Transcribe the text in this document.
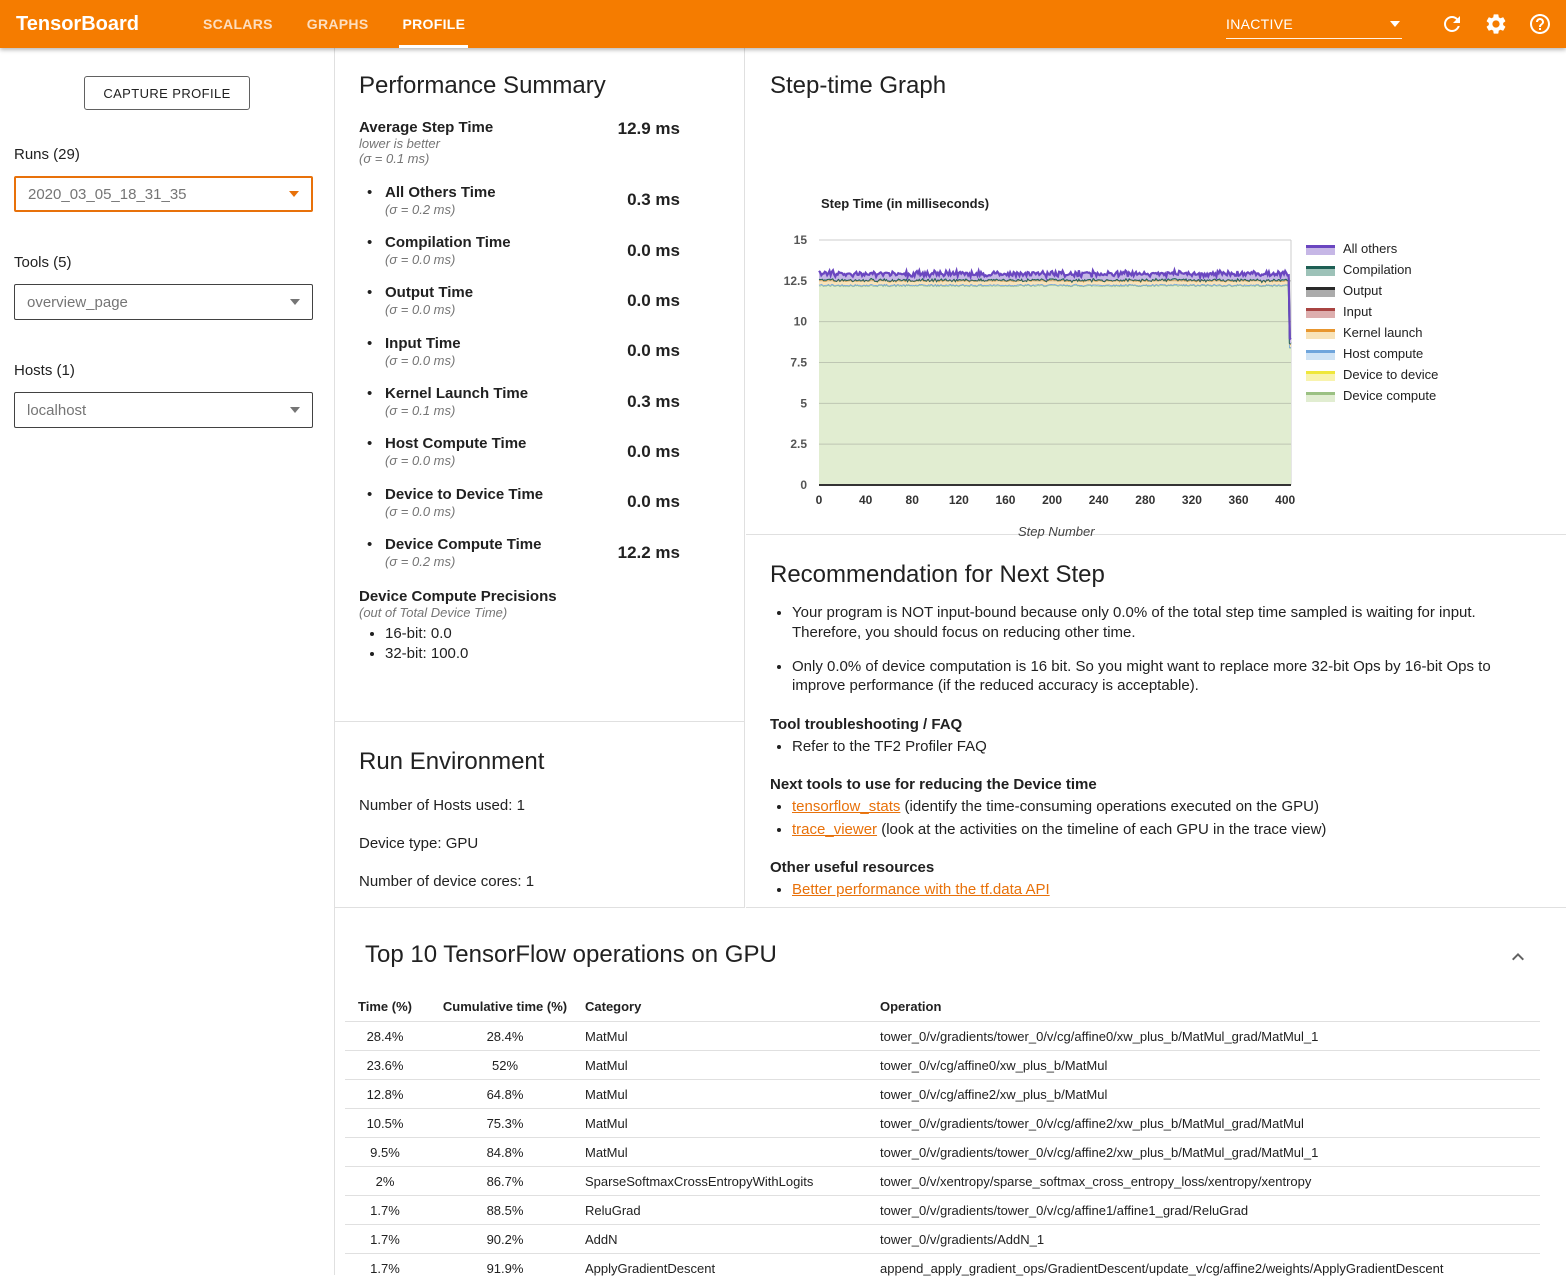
TensorBoard	SCALARS	GRAPHS	PROFILE	INACTIVE
CAPTURE PROFILE
Runs (29)
2020_03_05_18_31_35
Tools (5)
overview_page
Hosts (1)
localhost
Performance Summary
Average Step Time
lower is better
(σ = 0.1 ms)
12.9 ms
• All Others Time
(σ = 0.2 ms)	0.3 ms
• Compilation Time
(σ = 0.0 ms)	0.0 ms
• Output Time
(σ = 0.0 ms)	0.0 ms
• Input Time
(σ = 0.0 ms)	0.0 ms
• Kernel Launch Time
(σ = 0.1 ms)	0.3 ms
• Host Compute Time
(σ = 0.0 ms)	0.0 ms
• Device to Device Time
(σ = 0.0 ms)	0.0 ms
• Device Compute Time
(σ = 0.2 ms)	12.2 ms
Device Compute Precisions
(out of Total Device Time)
• 16-bit: 0.0
• 32-bit: 100.0
Run Environment

Number of Hosts used: 1

Device type: GPU

Number of device cores: 1

Step-time Graph
Step Time (in milliseconds)
0
2.5
5
7.5
10
12.5
15
0	40	80 120 160 200 240 280 320 360 400
Step Number
All others
Compilation
Output
Input
Kernel launch
Host compute
Device to device
Device compute
Recommendation for Next Step
• Your program is NOT input-bound because only 0.0% of the total step time sampled is waiting for input. Therefore, you should focus on reducing other time.
• Only 0.0% of device computation is 16 bit. So you might want to replace more 32-bit Ops by 16-bit Ops to improve performance (if the reduced accuracy is acceptable).
Tool troubleshooting / FAQ
• Refer to the TF2 Profiler FAQ
Next tools to use for reducing the Device time
• tensorflow_stats (identify the time-consuming operations executed on the GPU)
• trace_viewer (look at the activities on the timeline of each GPU in the trace view)
Other useful resources
• Better performance with the tf.data API
Top 10 TensorFlow operations on GPU
Time (%)	Cumulative time (%)	Category	Operation
28.4%	28.4%	MatMul	tower_0/v/gradients/tower_0/v/cg/affine0/xw_plus_b/MatMul_grad/MatMul_1
23.6%	52%	MatMul	tower_0/v/cg/affine0/xw_plus_b/MatMul
12.8%	64.8%	MatMul	tower_0/v/cg/affine2/xw_plus_b/MatMul
10.5%	75.3%	MatMul	tower_0/v/gradients/tower_0/v/cg/affine2/xw_plus_b/MatMul_grad/MatMul
9.5%	84.8%	MatMul	tower_0/v/gradients/tower_0/v/cg/affine2/xw_plus_b/MatMul_grad/MatMul_1
2%	86.7%	SparseSoftmaxCrossEntropyWithLogits	tower_0/v/xentropy/sparse_softmax_cross_entropy_loss/xentropy/xentropy
1.7%	88.5%	ReluGrad	tower_0/v/gradients/tower_0/v/cg/affine1/affine1_grad/ReluGrad
1.7%	90.2%	AddN	tower_0/v/gradients/AddN_1
1.7%	91.9%	ApplyGradientDescent	append_apply_gradient_ops/GradientDescent/update_v/cg/affine2/weights/ApplyGradientDescent
